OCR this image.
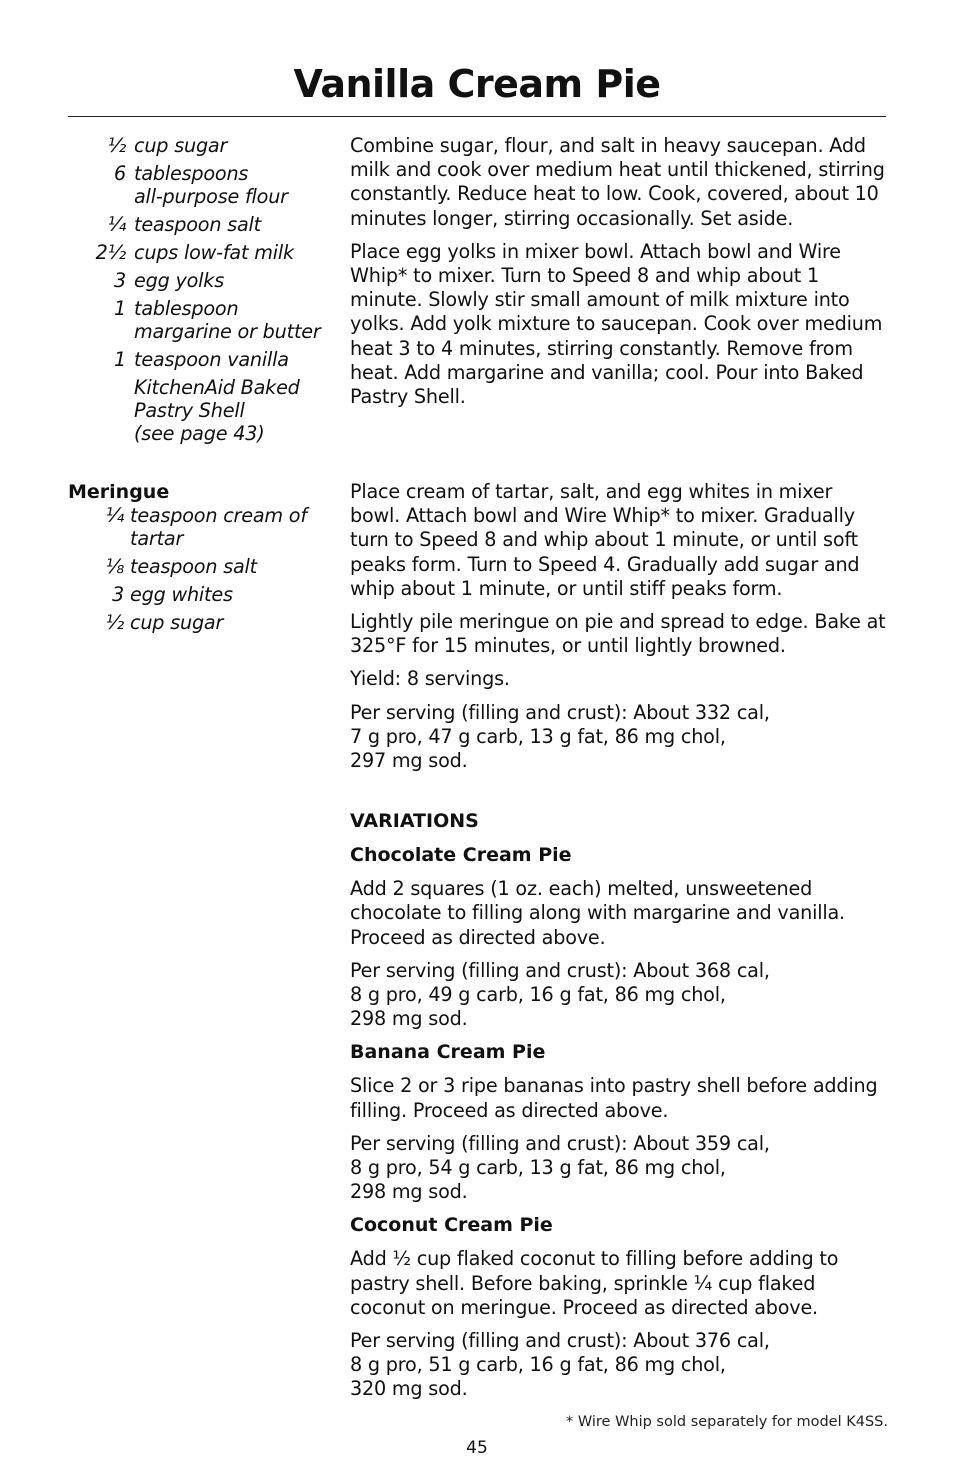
Vanilla Cream Pie
½ cup sugar
6 tablespoons
all-purpose flour
¼ teaspoon salt
2½ cups low-fat milk
3 egg yolks
1 tablespoon
margarine or butter
1 teaspoon vanilla
KitchenAid Baked
Pastry Shell
(see page 43)

Combine sugar, flour, and salt in heavy saucepan. Add milk and cook over medium heat until thickened, stirring constantly. Reduce heat to low. Cook, covered, about 10 minutes longer, stirring occasionally. Set aside.

Place egg yolks in mixer bowl. Attach bowl and Wire Whip* to mixer. Turn to Speed 8 and whip about 1 minute. Slowly stir small amount of milk mixture into yolks. Add yolk mixture to saucepan. Cook over medium heat 3 to 4 minutes, stirring constantly. Remove from heat. Add margarine and vanilla; cool. Pour into Baked Pastry Shell.

Meringue

¼ teaspoon cream of tartar
⅛ teaspoon salt
3 egg whites
½ cup sugar

Place cream of tartar, salt, and egg whites in mixer bowl. Attach bowl and Wire Whip* to mixer. Gradually turn to Speed 8 and whip about 1 minute, or until soft peaks form. Turn to Speed 4. Gradually add sugar and whip about 1 minute, or until stiff peaks form.

Lightly pile meringue on pie and spread to edge. Bake at 325°F for 15 minutes, or until lightly browned.

Yield: 8 servings.

Per serving (filling and crust): About 332 cal,
7 g pro, 47 g carb, 13 g fat, 86 mg chol,
297 mg sod.

VARIATIONS

Chocolate Cream Pie

Add 2 squares (1 oz. each) melted, unsweetened chocolate to filling along with margarine and vanilla. Proceed as directed above.

Per serving (filling and crust): About 368 cal,
8 g pro, 49 g carb, 16 g fat, 86 mg chol,
298 mg sod.

Banana Cream Pie

Slice 2 or 3 ripe bananas into pastry shell before adding filling. Proceed as directed above.

Per serving (filling and crust): About 359 cal,
8 g pro, 54 g carb, 13 g fat, 86 mg chol,
298 mg sod.

Coconut Cream Pie

Add ½ cup flaked coconut to filling before adding to pastry shell. Before baking, sprinkle ¼ cup flaked coconut on meringue. Proceed as directed above.

Per serving (filling and crust): About 376 cal,
8 g pro, 51 g carb, 16 g fat, 86 mg chol,
320 mg sod.

* Wire Whip sold separately for model K4SS.
45
